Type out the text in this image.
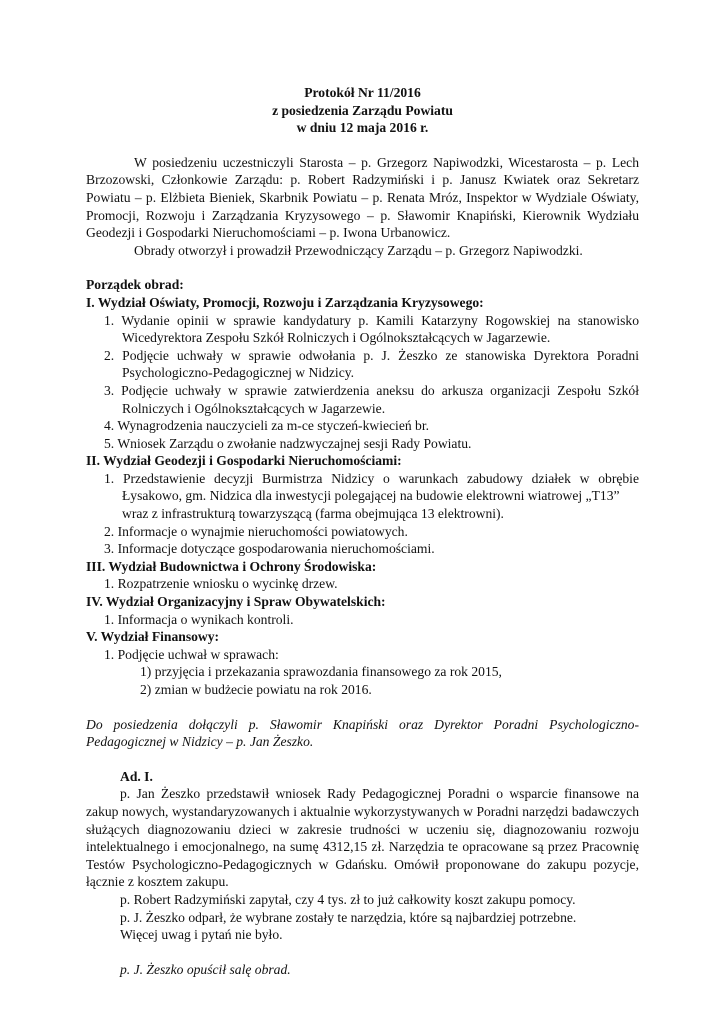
Protokół Nr 11/2016

z posiedzenia Zarządu Powiatu

w dniu 12 maja 2016 r.

W posiedzeniu uczestniczyli Starosta – p. Grzegorz Napiwodzki, Wicestarosta – p. Lech Brzozowski, Członkowie Zarządu: p. Robert Radzymiński i p. Janusz Kwiatek oraz Sekretarz Powiatu – p. Elżbieta Bieniek, Skarbnik Powiatu – p. Renata Mróz, Inspektor w Wydziale Oświaty, Promocji, Rozwoju i Zarządzania Kryzysowego – p. Sławomir Knapiński, Kierownik Wydziału Geodezji i Gospodarki Nieruchomościami – p. Iwona Urbanowicz.

Obrady otworzył i prowadził Przewodniczący Zarządu – p. Grzegorz Napiwodzki.

Porządek obrad:

I. Wydział Oświaty, Promocji, Rozwoju i Zarządzania Kryzysowego:

1. Wydanie opinii w sprawie kandydatury p. Kamili Katarzyny Rogowskiej na stanowisko Wicedyrektora Zespołu Szkół Rolniczych i Ogólnokształcących w Jagarzewie.

2. Podjęcie uchwały w sprawie odwołania p. J. Żeszko ze stanowiska Dyrektora Poradni Psychologiczno-Pedagogicznej w Nidzicy.

3. Podjęcie uchwały w sprawie zatwierdzenia aneksu do arkusza organizacji Zespołu Szkół Rolniczych i Ogólnokształcących w Jagarzewie.

4. Wynagrodzenia nauczycieli za m-ce styczeń-kwiecień br.

5. Wniosek Zarządu o zwołanie nadzwyczajnej sesji Rady Powiatu.

II. Wydział Geodezji i Gospodarki Nieruchomościami:

1. Przedstawienie decyzji Burmistrza Nidzicy o warunkach zabudowy działek w obrębie Łysakowo, gm. Nidzica dla inwestycji polegającej na budowie elektrowni wiatrowej „T13”

wraz z infrastrukturą towarzyszącą (farma obejmująca 13 elektrowni).

2. Informacje o wynajmie nieruchomości powiatowych.

3. Informacje dotyczące gospodarowania nieruchomościami.

III. Wydział Budownictwa i Ochrony Środowiska:

1. Rozpatrzenie wniosku o wycinkę drzew.

IV. Wydział Organizacyjny i Spraw Obywatelskich:

1. Informacja o wynikach kontroli.

V. Wydział Finansowy:

1. Podjęcie uchwał w sprawach:

1) przyjęcia i przekazania sprawozdania finansowego za rok 2015,

2) zmian w budżecie powiatu na rok 2016.

Do posiedzenia dołączyli p. Sławomir Knapiński oraz Dyrektor Poradni Psychologiczno-Pedagogicznej w Nidzicy – p. Jan Żeszko.

Ad. I.

p. Jan Żeszko przedstawił wniosek Rady Pedagogicznej Poradni o wsparcie finansowe na zakup nowych, wystandaryzowanych i aktualnie wykorzystywanych w Poradni narzędzi badawczych służących diagnozowaniu dzieci w zakresie trudności w uczeniu się, diagnozowaniu rozwoju intelektualnego i emocjonalnego, na sumę 4312,15 zł. Narzędzia te opracowane są przez Pracownię Testów Psychologiczno-Pedagogicznych w Gdańsku. Omówił proponowane do zakupu pozycje, łącznie z kosztem zakupu.

p. Robert Radzymiński zapytał, czy 4 tys. zł to już całkowity koszt zakupu pomocy.

p. J. Żeszko odparł, że wybrane zostały te narzędzia, które są najbardziej potrzebne.

Więcej uwag i pytań nie było.

p. J. Żeszko opuścił salę obrad.
